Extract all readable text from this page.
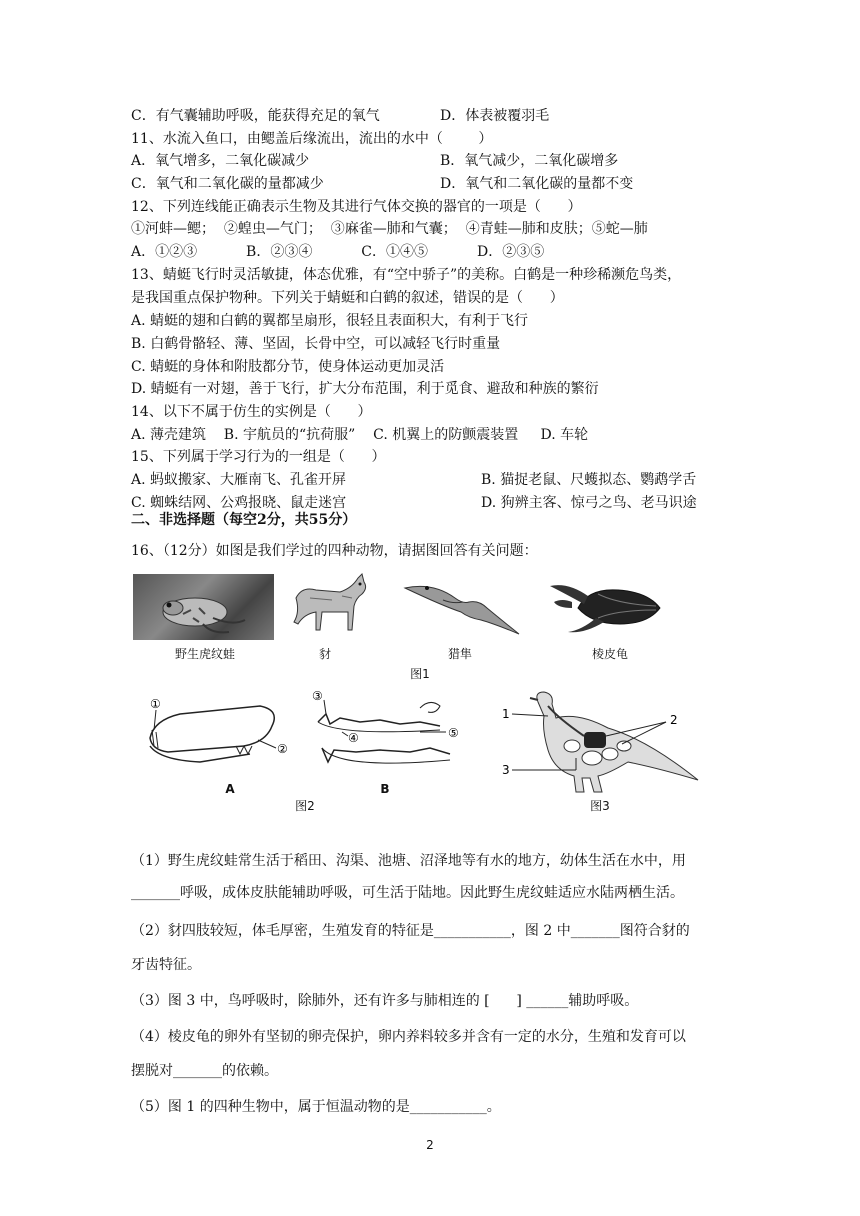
C．有气囊辅助呼吸，能获得充足的氧气	D．体表被覆羽毛
11、水流入鱼口，由鳃盖后缘流出，流出的水中（        ）
A．氧气增多，二氧化碳减少	B．氧气减少，二氧化碳增多
C．氧气和二氧化碳的量都减少	D．氧气和二氧化碳的量都不变
12、下列连线能正确表示生物及其进行气体交换的器官的一项是（      ）
①河蚌—鳃；  ②蝗虫—气门；  ③麻雀—肺和气囊；  ④青蛙—肺和皮肤；⑤蛇—肺
A．①②③           B．②③④           C．①④⑤           D．②③⑤
13、蜻蜓飞行时灵活敏捷，体态优雅，有“空中骄子”的美称。白鹤是一种珍稀濒危鸟类，
是我国重点保护物种。下列关于蜻蜓和白鹤的叙述，错误的是（      ）
A. 蜻蜓的翅和白鹤的翼都呈扇形，很轻且表面积大，有利于飞行
B. 白鹤骨骼轻、薄、坚固，长骨中空，可以减轻飞行时重量
C. 蜻蜓的身体和附肢都分节，使身体运动更加灵活
D. 蜻蜓有一对翅，善于飞行，扩大分布范围，利于觅食、避敌和种族的繁衍
14、以下不属于仿生的实例是（      ）
A. 薄壳建筑    B. 宇航员的“抗荷服”    C. 机翼上的防颤震装置     D. 车轮
15、下列属于学习行为的一组是（      ）
A. 蚂蚁搬家、大雁南飞、孔雀开屏	B. 猫捉老鼠、尺蠖拟态、鹦鹉学舌
C. 蜘蛛结网、公鸡报晓、鼠走迷宫	D. 狗辨主客、惊弓之鸟、老马识途
二、非选择题（每空2分，共55分）
16、（12分）如图是我们学过的四种动物，请据图回答有关问题：
野生虎纹蛙	豺	猎隼	棱皮龟
图1
①
②
A
③
④	⑤
B
图2
1	2
3
图3
（1）野生虎纹蛙常生活于稻田、沟渠、池塘、沼泽地等有水的地方，幼体生活在水中，用
_______呼吸，成体皮肤能辅助呼吸，可生活于陆地。因此野生虎纹蛙适应水陆两栖生活。
（2）豺四肢较短，体毛厚密，生殖发育的特征是___________，图 2 中_______图符合豺的
牙齿特征。
（3）图 3 中，鸟呼吸时，除肺外，还有许多与肺相连的 [      ] ______辅助呼吸。
（4）棱皮龟的卵外有坚韧的卵壳保护，卵内养料较多并含有一定的水分，生殖和发育可以
摆脱对_______的依赖。
（5）图 1 的四种生物中，属于恒温动物的是___________。
2
